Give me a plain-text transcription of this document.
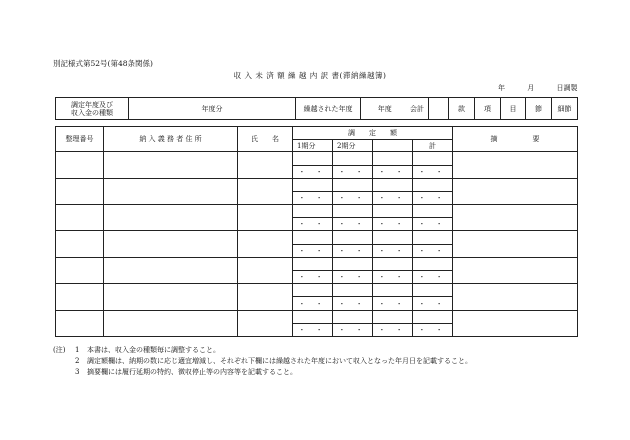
別記様式第52号(第48条関係)
収 入 未 済 額 繰 越 内 訳 書(滞納繰越簿)
年	月	日調製
調定年度及び
収入金の種類	年度分	繰越された年度	年度	会計		款	項	目	節	細節
整理番号	納 入 義 務 者 住 所	氏　　名	調　　定　　額				摘　　　　　要
			1期分	2期分		計	

			・ ・	・ ・	・ ・	・ ・	

			・ ・	・ ・	・ ・	・ ・	

			・ ・	・ ・	・ ・	・ ・	

			・ ・	・ ・	・ ・	・ ・	

			・ ・	・ ・	・ ・	・ ・	

			・ ・	・ ・	・ ・	・ ・	

			・ ・	・ ・	・ ・	・ ・	
(注) 1 本書は、収入金の種類毎に調整すること。
2 調定額欄は、納期の数に応じ適宜増減し、それぞれ下欄には繰越された年度において収入となった年月日を記載すること。
3 摘要欄には履行延期の特約、徴収停止等の内容等を記載すること。
